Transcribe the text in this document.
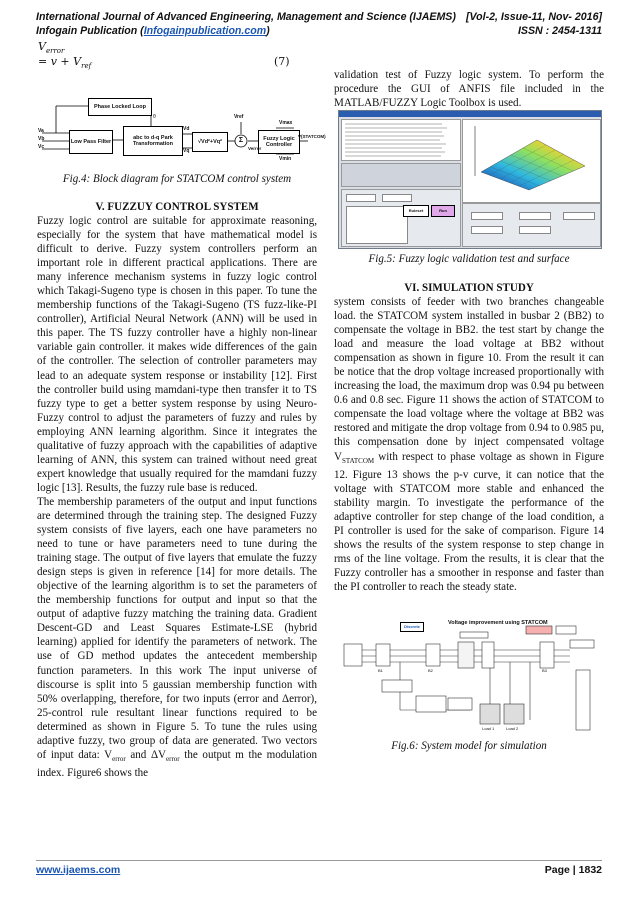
International Journal of Advanced Engineering, Management and Science (IJAEMS) [Vol-2, Issue-11, Nov- 2016]
Infogain Publication (Infogainpublication.com)	ISSN : 2454-1311
$V_{error}$
= $v + V_{ref}$	(7)
Phase Locked Loop
Low Pass Filter
abc to d-q Park Transformation	√Vd²+Vq²
Fuzzy Logic Controller
Σ
Va
Vb
Vc
θ
Vd
Vq
Vref
Verror
Vmax
Vmin
V(STATCOM)
Fig.4: Block diagram for STATCOM control system
V. FUZZUY CONTROL SYSTEM

Fuzzy logic control are suitable for approximate reasoning, especially for the system that have mathematical model is difficult to derive. Fuzzy system controllers perform an important role in different practical applications. There are many inference mechanism systems in fuzzy logic control which Takagi-Sugeno type is chosen in this paper. To tune the membership functions of the Takagi-Sugeno (TS fuzz-like-PI controller), Artificial Neural Network (ANN) will be used in this paper. The TS fuzzy controller have a highly non-linear variable gain controller. it makes wide differences of the gain of the controller. The selection of controller parameters may lead to an adequate system response or instability [12]. First the controller build using mamdani-type then transfer it to TS fuzzy type to get a better system response by using Neuro-Fuzzy control to adjust the parameters of fuzzy and rules by employing ANN learning algorithm. Since it integrates the qualitative of fuzzy approach with the capabilities of adaptive learning of ANN, this system can trained without need great expert knowledge that usually required for the mamdani fuzzy logic [13]. Results, the fuzzy rule base is reduced.

The membership parameters of the output and input functions are determined through the training step. The designed Fuzzy system consists of five layers, each one have parameters no need to tune or have parameters need to tune during the training stage. The output of five layers that emulate the fuzzy design steps is given in reference [14] for more details. The objective of the learning algorithm is to set the parameters of the membership functions for output and input so that the output of adaptive fuzzy matching the training data. Gradient Descent-GD and Least Squares Estimate-LSE (hybrid learning) applied for identify the parameters of network. The use of GD method updates the antecedent membership function parameters. In this work The input universe of discourse is split into 5 gaussian membership function with 50% overlapping, therefore, for two inputs (error and Δerror), 25-control rule resultant linear functions required to be determined as shown in Figure 5. To tune the rules using adaptive fuzzy, two group of data are generated. Two vectors of input data: $V_{error}$ and $\Delta V_{error}$ the output m the modulation index. Figure6 shows the

validation test of Fuzzy logic system. To perform the procedure the GUI of ANFIS file included in the MATLAB/FUZZY Logic Toolbox is used.
Ruleset	Run
Fig.5: Fuzzy logic validation test and surface
VI. SIMULATION STUDY

system consists of feeder with two branches changeable load. the STATCOM system installed in busbar 2 (BB2) to compensate the voltage in BB2. the test start by change the load and measure the load voltage at BB2 without compensation as shown in figure 10. From the result it can be notice that the drop voltage increased proportionally with increasing the load, the maximum drop was 0.94 pu between 0.6 and 0.8 sec. Figure 11 shows the action of STATCOM to compensate the load voltage where the voltage at BB2 was restored and mitigate the drop voltage from 0.94 to 0.985 pu, this compensation done by inject compensated voltage $V_{STATCOM}$ with respect to phase voltage as shown in Figure 12. Figure 13 shows the p-v curve, it can notice that the voltage with STATCOM more stable and enhanced the stability margin. To investigate the performance of the adaptive controller for step change of the load condition, a PI controller is used for the sake of comparison. Figure 14 shows the results of the system response to step change in rms of the line voltage. From the results, it is clear that the Fuzzy controller has a smoother in response and faster than the PI controller to reach the steady state.

Voltage improvement using STATCOM
Discrete
B1	B2	B3
Load 1	Load 2
Fig.6: System model for simulation
www.ijaems.com	Page | 1832
